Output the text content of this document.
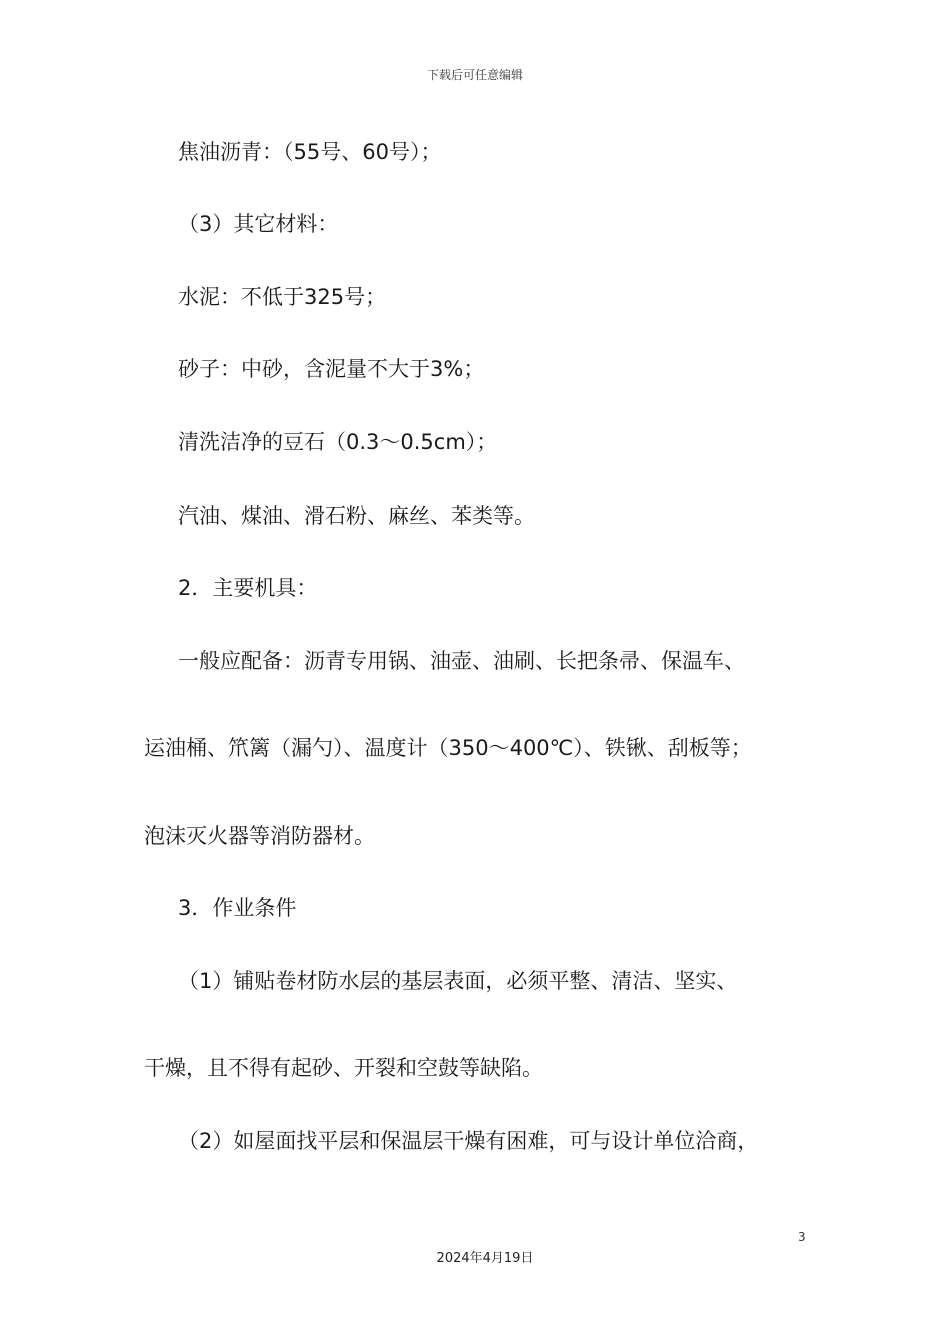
下载后可任意编辑
焦油沥青：（55号、60号）；
（3）其它材料：
水泥：不低于325号；
砂子：中砂，含泥量不大于3%；
清洗洁净的豆石（0.3～0.5cm）；
汽油、煤油、滑石粉、麻丝、苯类等。
2．主要机具：
一般应配备：沥青专用锅、油壶、油刷、长把条帚、保温车、
运油桶、笊篱（漏勺）、温度计（350～400℃）、铁锹、刮板等；
泡沫灭火器等消防器材。
3．作业条件
（1）铺贴卷材防水层的基层表面，必须平整、清洁、坚实、
干燥，且不得有起砂、开裂和空鼓等缺陷。
（2）如屋面找平层和保温层干燥有困难，可与设计单位洽商，
3
2024年4月19日
